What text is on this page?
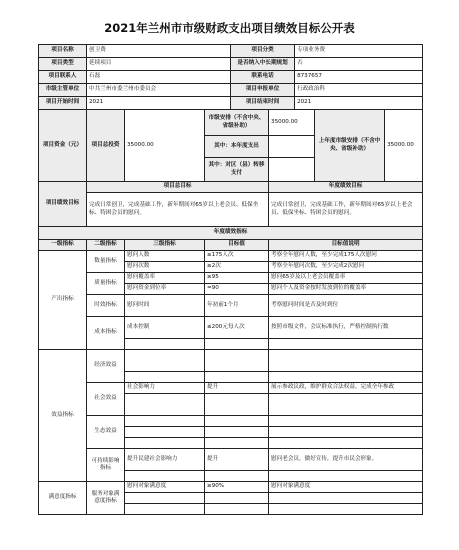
2021年兰州市市级财政支出项目绩效目标公开表
项目名称	创卫费			项目分类		专项业务费		
项目类型	延续项目			是否纳入中长期规划		否		
项目联系人	石磊			联系电话		8737657		
市级主管单位	中共兰州市委兰州市委员会			项目申报单位		行政政治科		
项目开始时间	2021			项目结束时间		2021		
项目资金（元）	项目总投资	35000.00	市级安排（不含中央、省级补助）		35000.00		上年度市级安排（不含中央、省级补助）	35000.00
			其中：本年度支出					
			其中：对区（县）转移支付					
项目绩效目标	项目总目标				年度绩效目标			
	完成日常创卫，完成基础工作，新年期间对65岁以上老会员、低保坐标、特困会员的慰问。				完成日常创卫，完成基础工作，新年期间对65岁以上老会员、低保坐标、特困会员的慰问。			
年度绩效指标								
一级指标	二级指标	三级指标	目标值		目标值说明			
产出指标	数量指标	慰问人数	≥175人次		考察全年慰问人数，至少完成175人次慰问			
		慰问次数	≥2次		考察全年慰问次数，至少完成2次慰问			
	质量指标	慰问覆盖率	≥95		慰问65岁及以上老会员覆盖率			
		慰问资金到位率	=90		慰问个人及资金按时发放到位的覆盖率			
	时效指标	慰问时间	年初前1个月		考察慰问时间是否及时到位			
	成本指标	成本控制	≤200元每人次		按照市级文件，会议标准执行，严格控制执行数			

效益指标	经济效益							

	社会效益	社会影响力	提升		展示参政议政，维护群众合法权益，完成全年参政			

	生态效益							

	可持续影响指标	提升民建社会影响力	提升		慰问老会员，做好宣传，提升市民会形象。			

满意度指标	服务对象满意度指标	慰问对象满意度	≥90%		慰问对象满意度			
